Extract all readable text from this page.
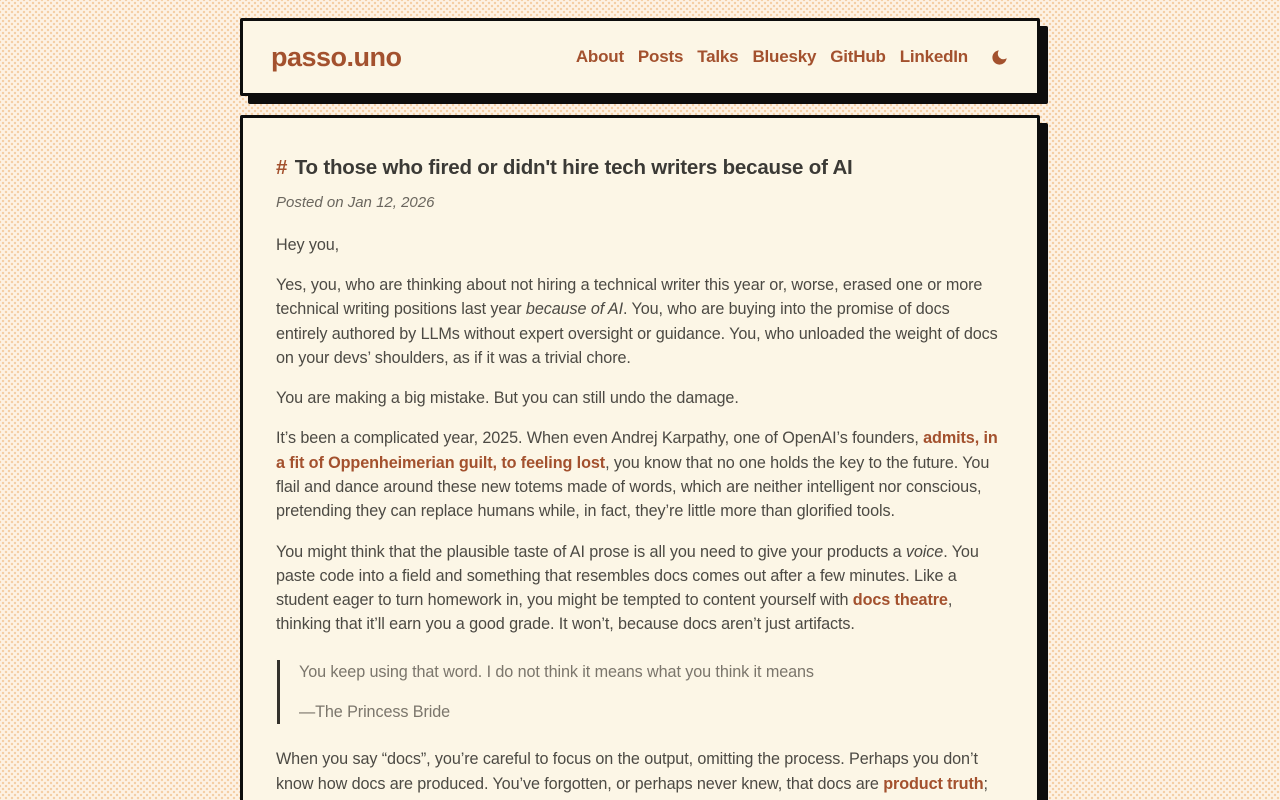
passo.uno	About Posts Talks Bluesky GitHub LinkedIn
# To those who fired or didn't hire tech writers because of AI

Posted on Jan 12, 2026

Hey you,

Yes, you, who are thinking about not hiring a technical writer this year or, worse, erased one or more technical writing positions last year because of AI. You, who are buying into the promise of docs entirely authored by LLMs without expert oversight or guidance. You, who unloaded the weight of docs on your devs’ shoulders, as if it was a trivial chore.

You are making a big mistake. But you can still undo the damage.

It’s been a complicated year, 2025. When even Andrej Karpathy, one of OpenAI’s founders, admits, in a fit of Oppenheimerian guilt, to feeling lost, you know that no one holds the key to the future. You flail and dance around these new totems made of words, which are neither intelligent nor conscious, pretending they can replace humans while, in fact, they’re little more than glorified tools.

You might think that the plausible taste of AI prose is all you need to give your products a voice. You paste code into a field and something that resembles docs comes out after a few minutes. Like a student eager to turn homework in, you might be tempted to content yourself with docs theatre, thinking that it’ll earn you a good grade. It won’t, because docs aren’t just artifacts.

You keep using that word. I do not think it means what you think it means

—The Princess Bride

When you say “docs”, you’re careful to focus on the output, omitting the process. Perhaps you don’t know how docs are produced. You’ve forgotten, or perhaps never knew, that docs are product truth;
